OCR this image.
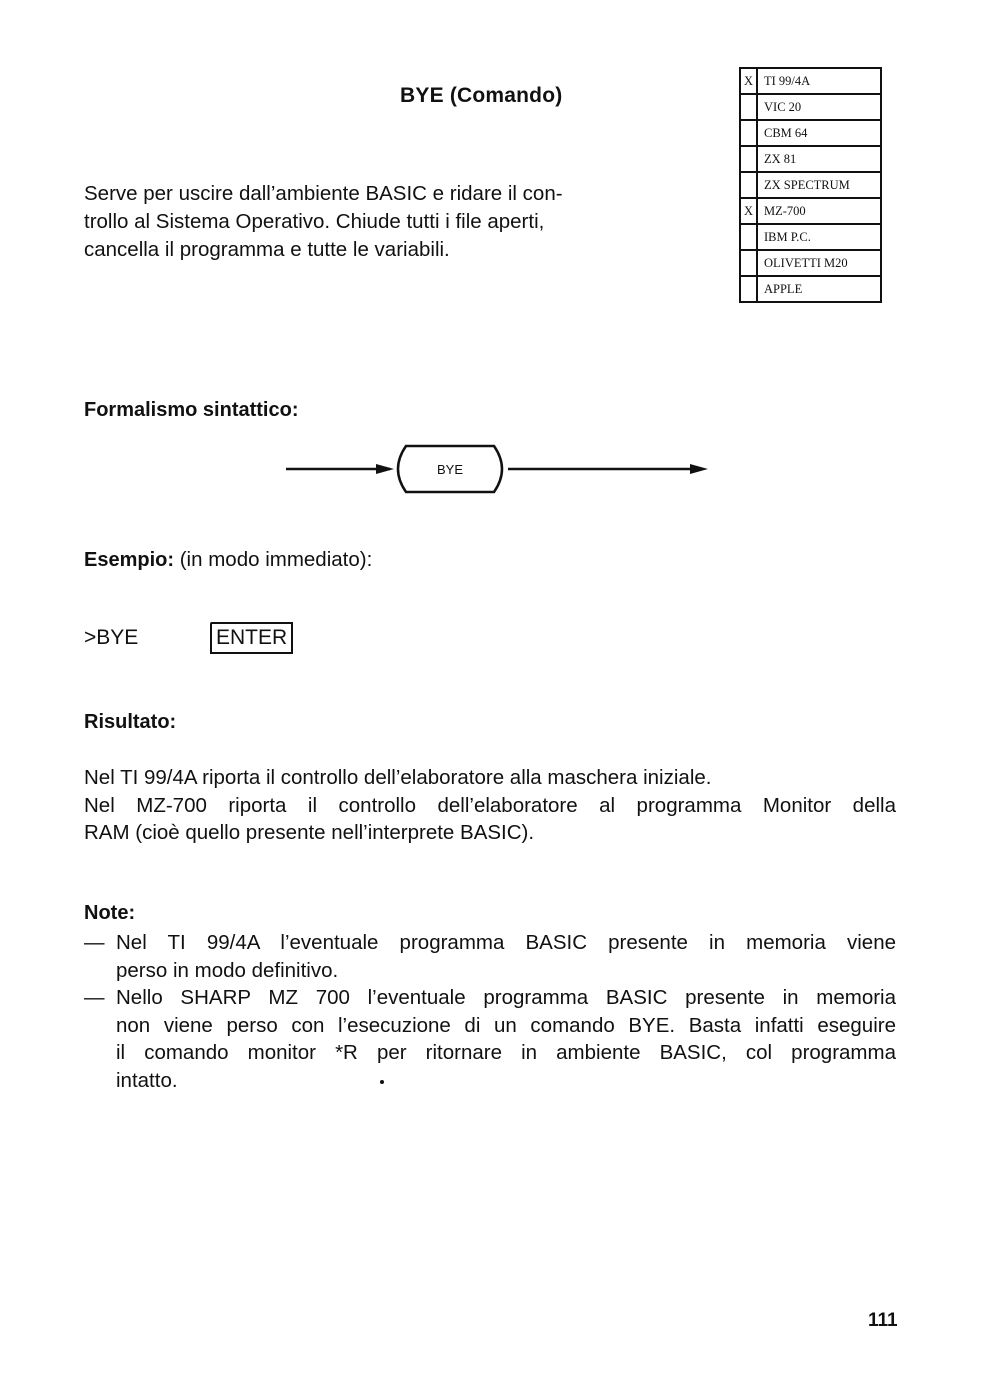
BYE (Comando)
Serve per uscire dall’ambiente BASIC e ridare il con-
trollo al Sistema Operativo. Chiude tutti i file aperti,
cancella il programma e tutte le variabili.
X	TI 99/4A
	VIC 20
	CBM 64
	ZX 81
	ZX SPECTRUM
X	MZ-700
	IBM P.C.
	OLIVETTI M20
	APPLE
Formalismo sintattico:
BYE
Esempio: (in modo immediato):
>BYE	ENTER
Risultato:
Nel TI 99/4A riporta il controllo dell’elaboratore alla maschera iniziale.
Nel MZ-700 riporta il controllo dell’elaboratore al programma Monitor della
RAM (cioè quello presente nell’interprete BASIC).
Note:
— Nel TI 99/4A l’eventuale programma BASIC presente in memoria viene
perso in modo definitivo.
— Nello SHARP MZ 700 l’eventuale programma BASIC presente in memoria
non viene perso con l’esecuzione di un comando BYE. Basta infatti eseguire
il comando monitor *R per ritornare in ambiente BASIC, col programma
intatto.
111
